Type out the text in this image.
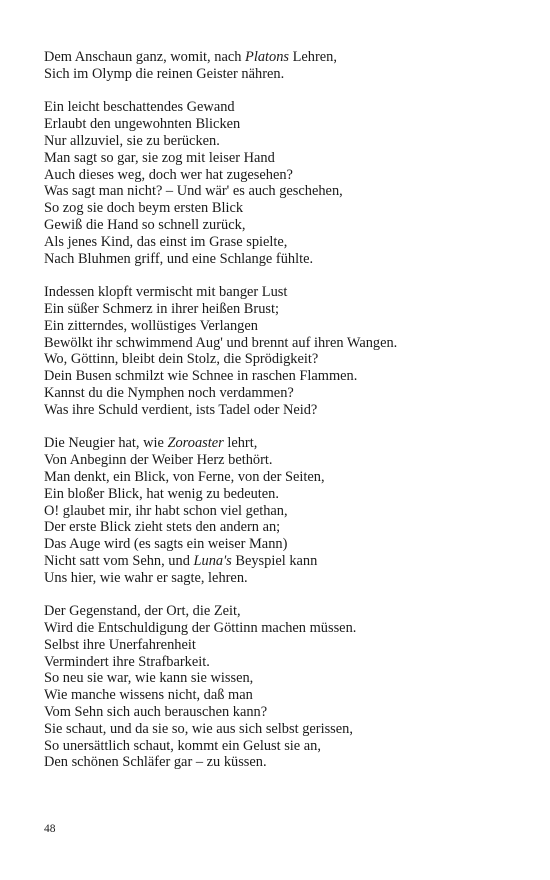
Dem Anschaun ganz, womit, nach Platons Lehren,
Sich im Olymp die reinen Geister nähren.
Ein leicht beschattendes Gewand
Erlaubt den ungewohnten Blicken
Nur allzuviel, sie zu berücken.
Man sagt so gar, sie zog mit leiser Hand
Auch dieses weg, doch wer hat zugesehen?
Was sagt man nicht? – Und wär' es auch geschehen,
So zog sie doch beym ersten Blick
Gewiß die Hand so schnell zurück,
Als jenes Kind, das einst im Grase spielte,
Nach Bluhmen griff, und eine Schlange fühlte.
Indessen klopft vermischt mit banger Lust
Ein süßer Schmerz in ihrer heißen Brust;
Ein zitterndes, wollüstiges Verlangen
Bewölkt ihr schwimmend Aug' und brennt auf ihren Wangen.
Wo, Göttinn, bleibt dein Stolz, die Sprödigkeit?
Dein Busen schmilzt wie Schnee in raschen Flammen.
Kannst du die Nymphen noch verdammen?
Was ihre Schuld verdient, ists Tadel oder Neid?
Die Neugier hat, wie Zoroaster lehrt,
Von Anbeginn der Weiber Herz bethört.
Man denkt, ein Blick, von Ferne, von der Seiten,
Ein bloßer Blick, hat wenig zu bedeuten.
O! glaubet mir, ihr habt schon viel gethan,
Der erste Blick zieht stets den andern an;
Das Auge wird (es sagts ein weiser Mann)
Nicht satt vom Sehn, und Luna's Beyspiel kann
Uns hier, wie wahr er sagte, lehren.
Der Gegenstand, der Ort, die Zeit,
Wird die Entschuldigung der Göttinn machen müssen.
Selbst ihre Unerfahrenheit
Vermindert ihre Strafbarkeit.
So neu sie war, wie kann sie wissen,
Wie manche wissens nicht, daß man
Vom Sehn sich auch berauschen kann?
Sie schaut, und da sie so, wie aus sich selbst gerissen,
So unersättlich schaut, kommt ein Gelust sie an,
Den schönen Schläfer gar – zu küssen.
48
